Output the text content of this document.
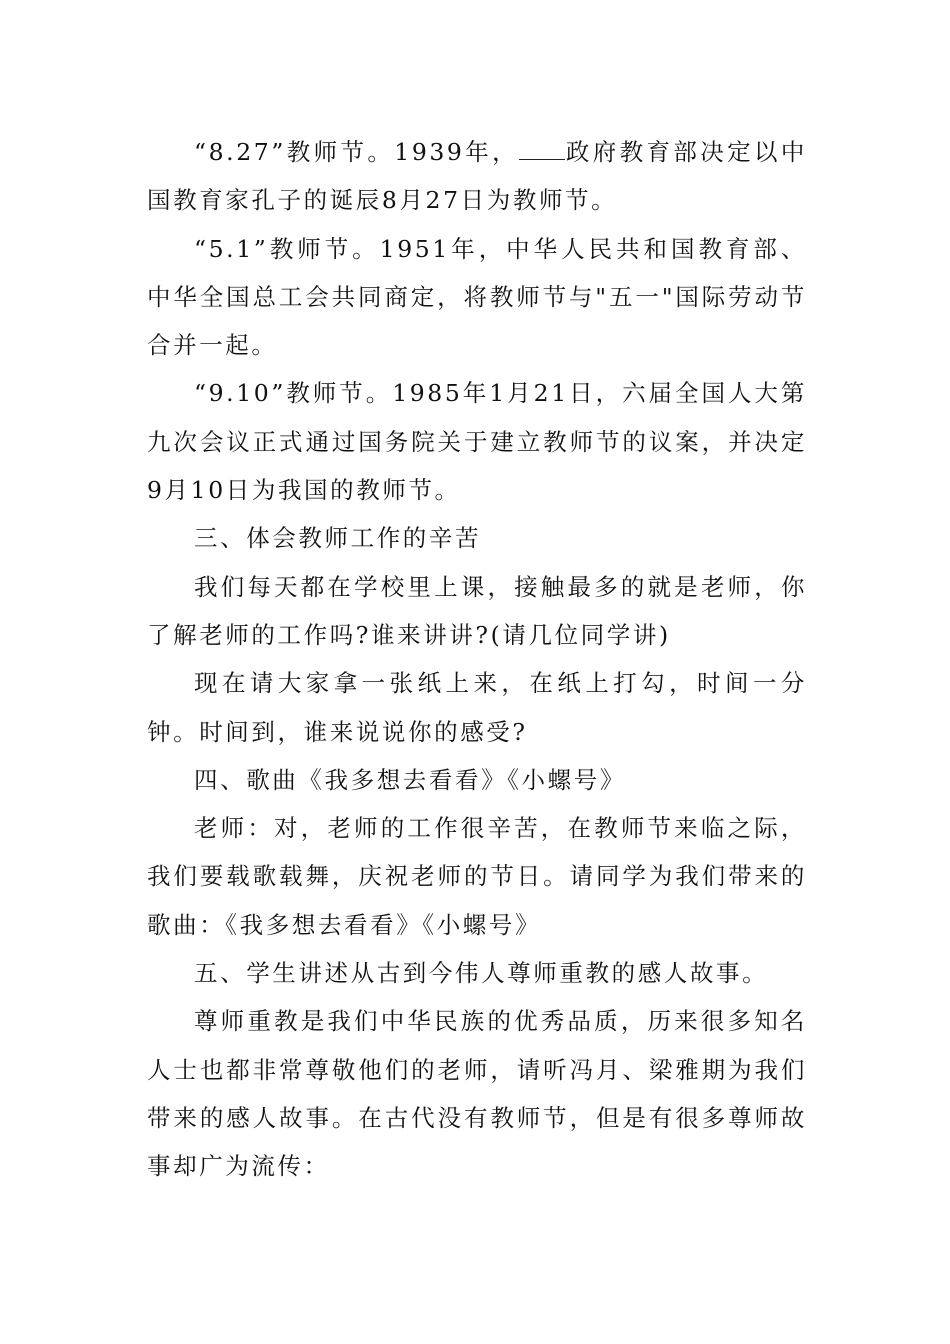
“8.27”教师节。1939年， 政府教育部决定以中国教育家孔子的诞辰8月27日为教师节。

“5.1”教师节。1951年，中华人民共和国教育部、中华全国总工会共同商定，将教师节与"五一"国际劳动节合并一起。

“9.10”教师节。1985年1月21日，六届全国人大第九次会议正式通过国务院关于建立教师节的议案，并决定9月10日为我国的教师节。

三、体会教师工作的辛苦

我们每天都在学校里上课，接触最多的就是老师，你了解老师的工作吗?谁来讲讲?(请几位同学讲)

现在请大家拿一张纸上来，在纸上打勾，时间一分钟。时间到，谁来说说你的感受?

四、歌曲《我多想去看看》《小螺号》

老师：对，老师的工作很辛苦，在教师节来临之际，我们要载歌载舞，庆祝老师的节日。请同学为我们带来的歌曲：《我多想去看看》《小螺号》

五、学生讲述从古到今伟人尊师重教的感人故事。

尊师重教是我们中华民族的优秀品质，历来很多知名人士也都非常尊敬他们的老师，请听冯月、梁雅期为我们带来的感人故事。在古代没有教师节，但是有很多尊师故事却广为流传：
